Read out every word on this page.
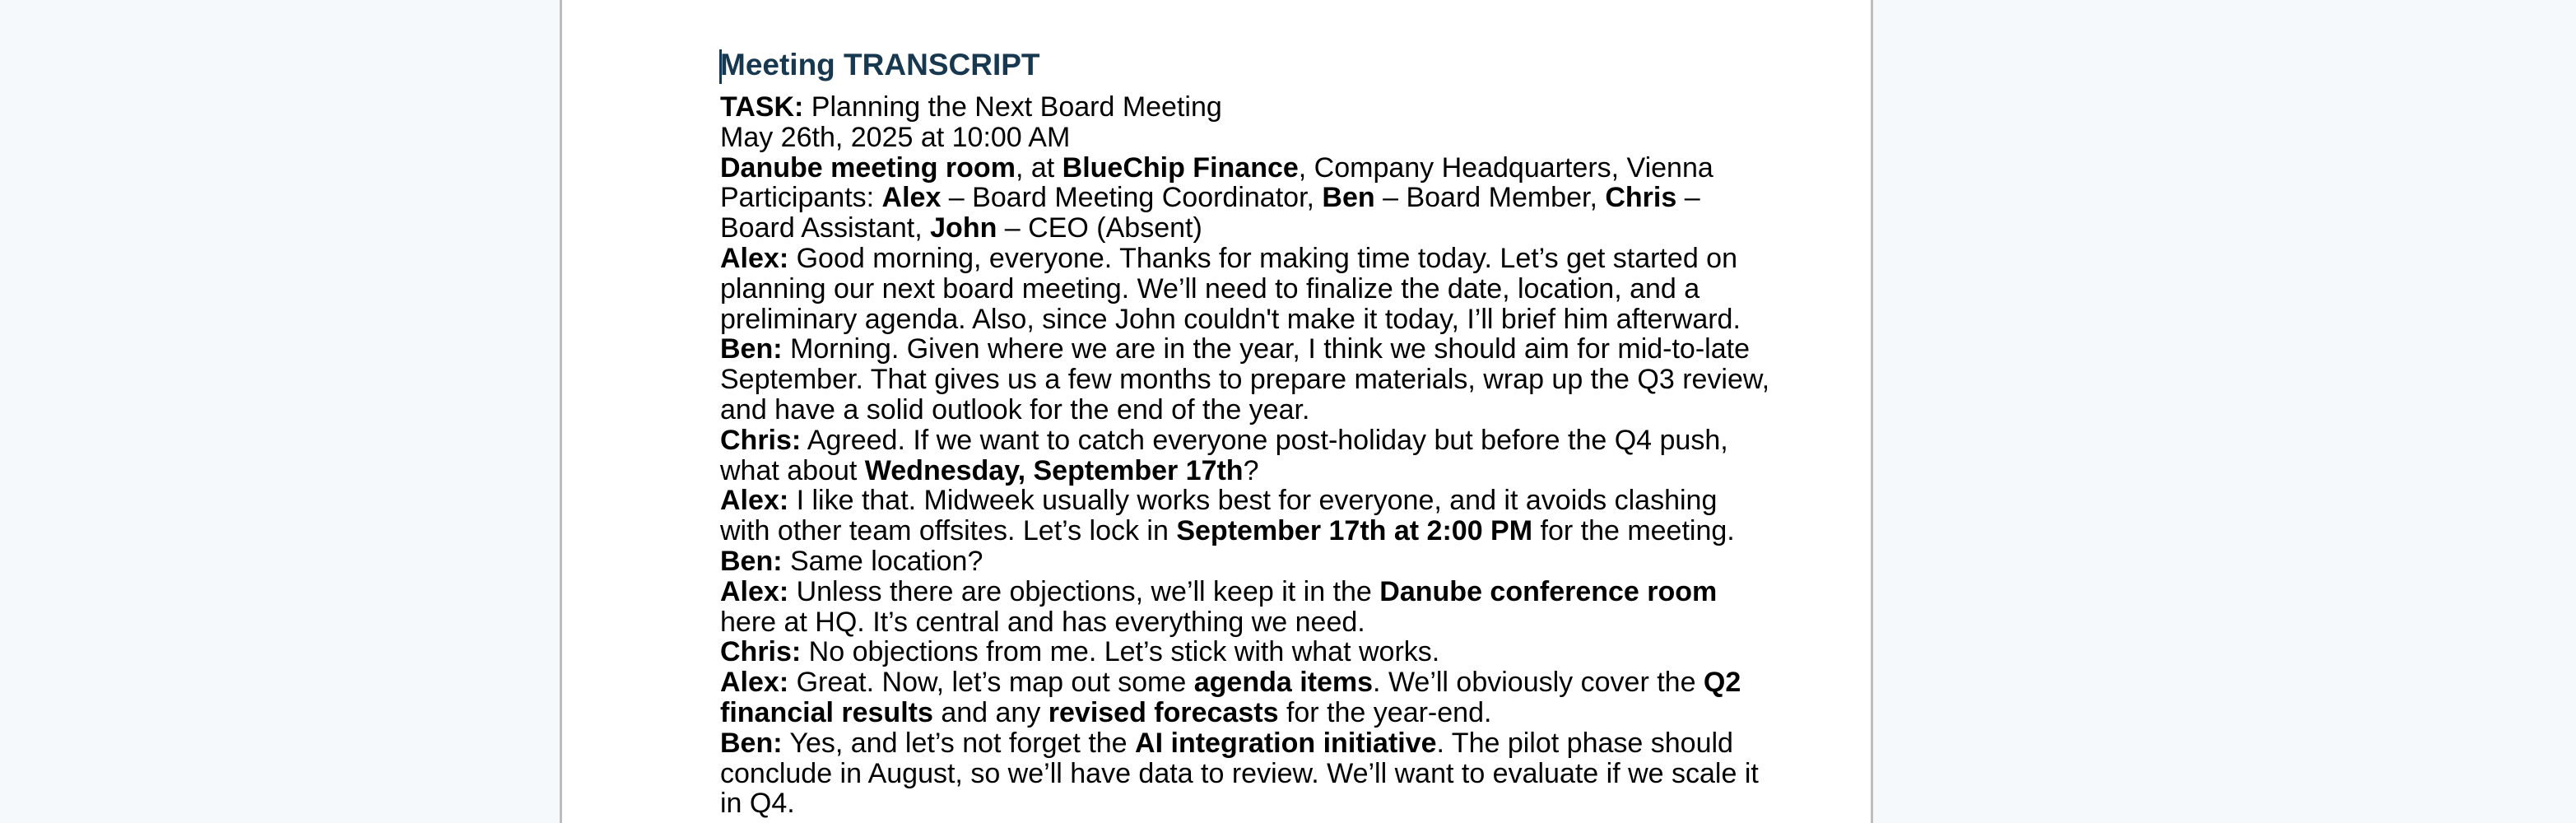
Meeting TRANSCRIPT
TASK: Planning the Next Board Meeting
May 26th, 2025 at 10:00 AM
Danube meeting room, at BlueChip Finance, Company Headquarters, Vienna
Participants: Alex – Board Meeting Coordinator, Ben – Board Member, Chris –
Board Assistant, John – CEO (Absent)
Alex: Good morning, everyone. Thanks for making time today. Let’s get started on
planning our next board meeting. We’ll need to finalize the date, location, and a
preliminary agenda. Also, since John couldn't make it today, I’ll brief him afterward.
Ben: Morning. Given where we are in the year, I think we should aim for mid-to-late
September. That gives us a few months to prepare materials, wrap up the Q3 review,
and have a solid outlook for the end of the year.
Chris: Agreed. If we want to catch everyone post-holiday but before the Q4 push,
what about Wednesday, September 17th?
Alex: I like that. Midweek usually works best for everyone, and it avoids clashing
with other team offsites. Let’s lock in September 17th at 2:00 PM for the meeting.
Ben: Same location?
Alex: Unless there are objections, we’ll keep it in the Danube conference room
here at HQ. It’s central and has everything we need.
Chris: No objections from me. Let’s stick with what works.
Alex: Great. Now, let’s map out some agenda items. We’ll obviously cover the Q2
financial results and any revised forecasts for the year-end.
Ben: Yes, and let’s not forget the AI integration initiative. The pilot phase should
conclude in August, so we’ll have data to review. We’ll want to evaluate if we scale it
in Q4.
